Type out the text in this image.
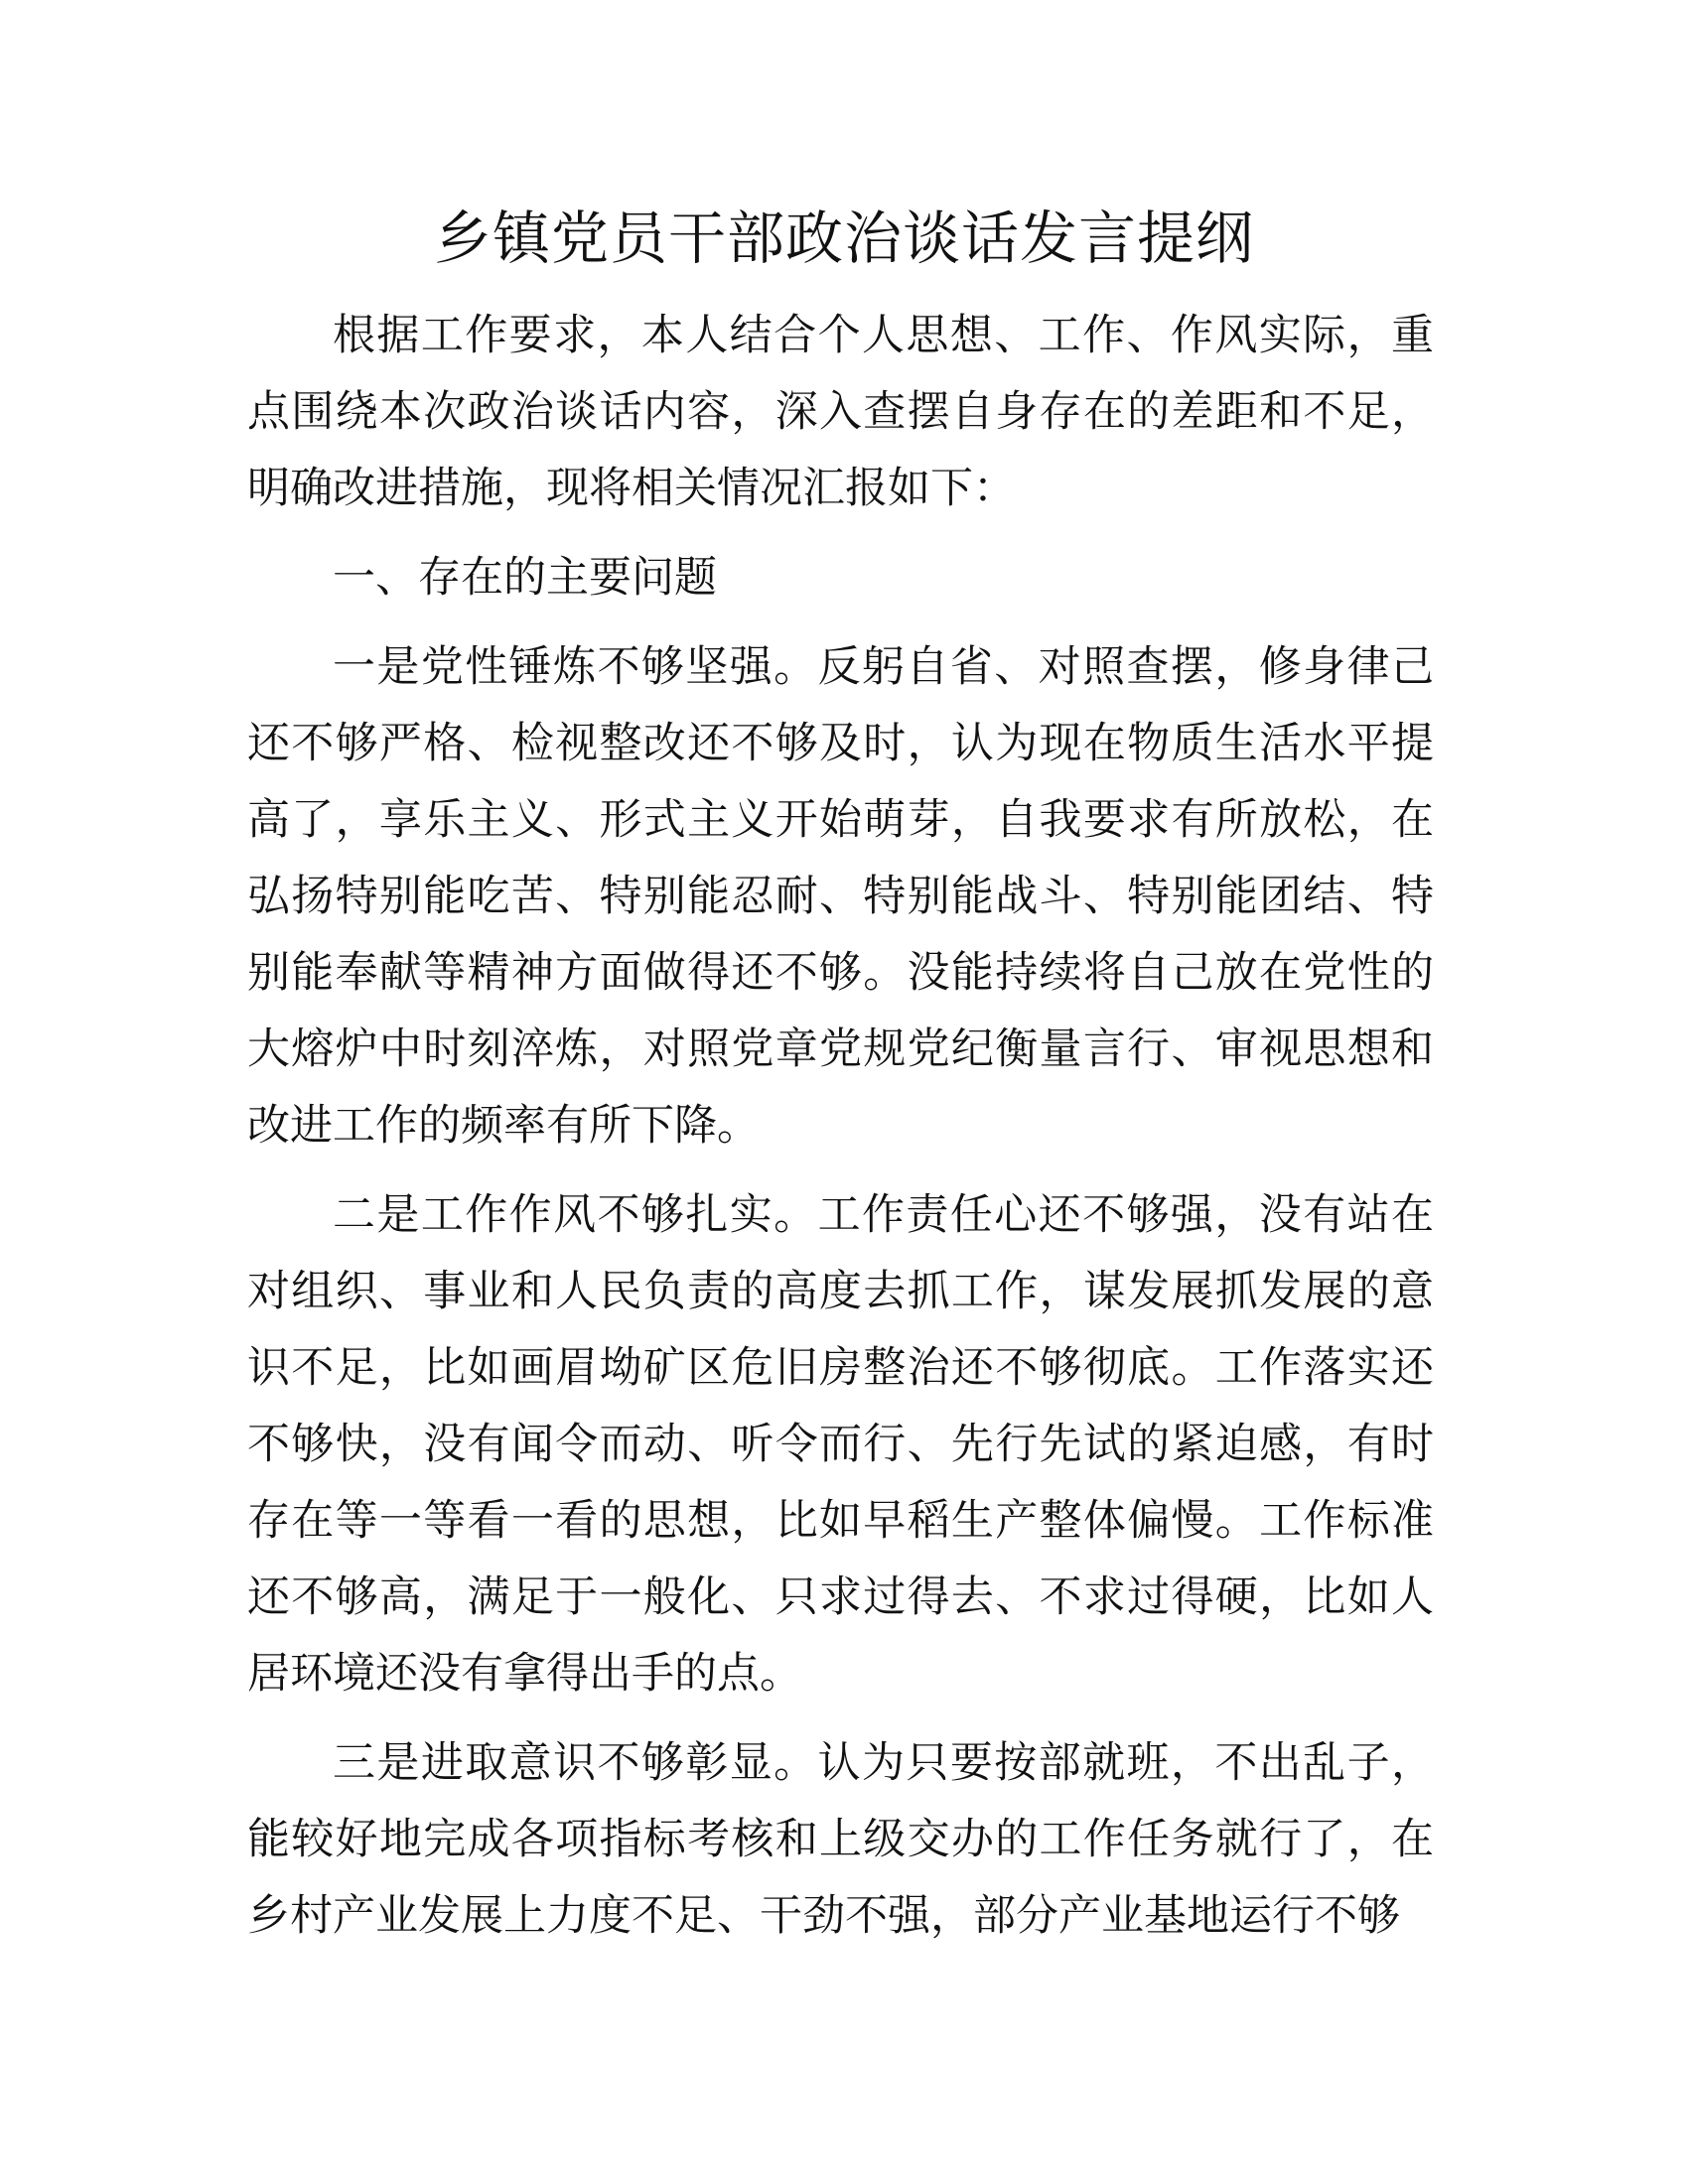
乡镇党员干部政治谈话发言提纲

根据工作要求，本人结合个人思想、工作、作风实际，重点围绕本次政治谈话内容，深入查摆自身存在的差距和不足，明确改进措施，现将相关情况汇报如下：

一、存在的主要问题

一是党性锤炼不够坚强。反躬自省、对照查摆，修身律己还不够严格、检视整改还不够及时，认为现在物质生活水平提高了，享乐主义、形式主义开始萌芽，自我要求有所放松，在弘扬特别能吃苦、特别能忍耐、特别能战斗、特别能团结、特别能奉献等精神方面做得还不够。没能持续将自己放在党性的大熔炉中时刻淬炼，对照党章党规党纪衡量言行、审视思想和改进工作的频率有所下降。

二是工作作风不够扎实。工作责任心还不够强，没有站在对组织、事业和人民负责的高度去抓工作，谋发展抓发展的意识不足，比如画眉坳矿区危旧房整治还不够彻底。工作落实还不够快，没有闻令而动、听令而行、先行先试的紧迫感，有时存在等一等看一看的思想，比如早稻生产整体偏慢。工作标准还不够高，满足于一般化、只求过得去、不求过得硬，比如人居环境还没有拿得出手的点。

三是进取意识不够彰显。认为只要按部就班，不出乱子，能较好地完成各项指标考核和上级交办的工作任务就行了，在乡村产业发展上力度不足、干劲不强，部分产业基地运行不够
